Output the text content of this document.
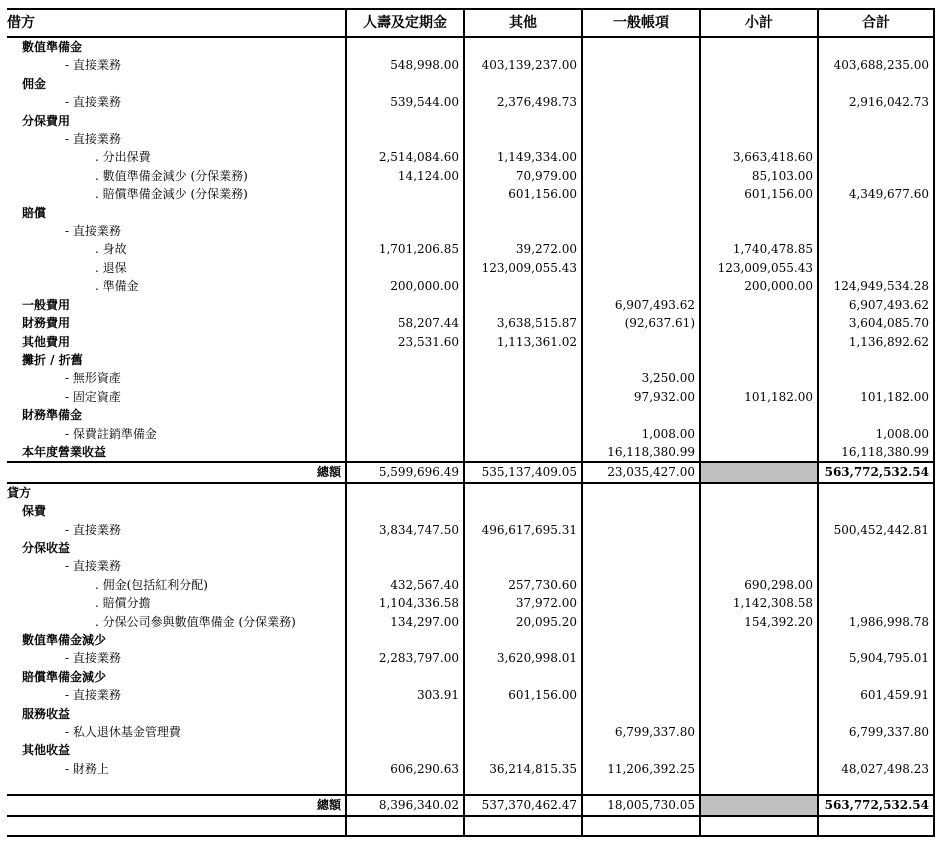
借方	人壽及定期金	其他	一般帳項	小計	合計
數值準備金					
- 直接業務	548,998.00	403,139,237.00			403,688,235.00
佣金					
- 直接業務	539,544.00	2,376,498.73			2,916,042.73
分保費用					
- 直接業務					
. 分出保費	2,514,084.60	1,149,334.00		3,663,418.60	
. 數值準備金減少 (分保業務)	14,124.00	70,979.00		85,103.00	
. 賠償準備金減少 (分保業務)		601,156.00		601,156.00	4,349,677.60
賠償					
- 直接業務					
. 身故	1,701,206.85	39,272.00		1,740,478.85	
. 退保		123,009,055.43		123,009,055.43	
. 準備金	200,000.00			200,000.00	124,949,534.28
一般費用			6,907,493.62		6,907,493.62
財務費用	58,207.44	3,638,515.87	(92,637.61)		3,604,085.70
其他費用	23,531.60	1,113,361.02			1,136,892.62
攤折 / 折舊					
- 無形資產			3,250.00		
- 固定資產			97,932.00	101,182.00	101,182.00
財務準備金					
- 保費註銷準備金			1,008.00		1,008.00
本年度營業收益			16,118,380.99		16,118,380.99
總額	5,599,696.49	535,137,409.05	23,035,427.00		563,772,532.54
貸方					
保費					
- 直接業務	3,834,747.50	496,617,695.31			500,452,442.81
分保收益					
- 直接業務					
. 佣金(包括紅利分配)	432,567.40	257,730.60		690,298.00	
. 賠償分擔	1,104,336.58	37,972.00		1,142,308.58	
. 分保公司參與數值準備金 (分保業務)	134,297.00	20,095.20		154,392.20	1,986,998.78
數值準備金減少					
- 直接業務	2,283,797.00	3,620,998.01			5,904,795.01
賠償準備金減少					
- 直接業務	303.91	601,156.00			601,459.91
服務收益					
- 私人退休基金管理費			6,799,337.80		6,799,337.80
其他收益					
- 財務上	606,290.63	36,214,815.35	11,206,392.25		48,027,498.23

總額	8,396,340.02	537,370,462.47	18,005,730.05		563,772,532.54
